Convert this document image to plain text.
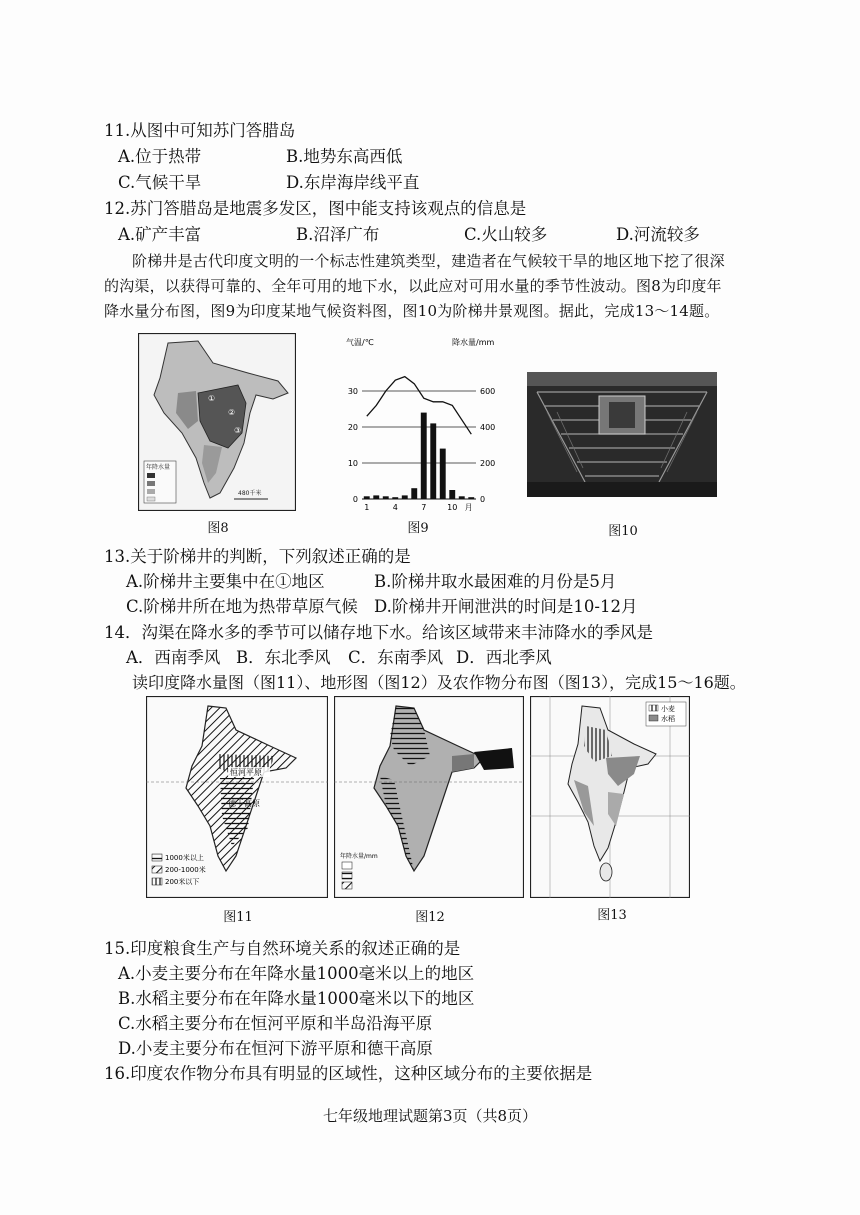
11.从图中可知苏门答腊岛
A.位于热带	B.地势东高西低
C.气候干旱	D.东岸海岸线平直
12.苏门答腊岛是地震多发区，图中能支持该观点的信息是
A.矿产丰富	B.沼泽广布	C.火山较多	D.河流较多
阶梯井是古代印度文明的一个标志性建筑类型，建造者在气候较干旱的地区地下挖了很深
的沟渠，以获得可靠的、全年可用的地下水，以此应对可用水量的季节性波动。图8为印度年
降水量分布图，图9为印度某地气候资料图，图10为阶梯井景观图。据此，完成13～14题。
年降水量
①
②
③
480千米
图8
气温/℃	降水量/mm
0
10
20
30
0
200
400
600
1	4	7	10 月
图9	图10
13.关于阶梯井的判断，下列叙述正确的是
A.阶梯井主要集中在①地区	B.阶梯井取水最困难的月份是5月
C.阶梯井所在地为热带草原气候 D.阶梯井开闸泄洪的时间是10-12月
14．沟渠在降水多的季节可以储存地下水。给该区域带来丰沛降水的季风是
A．西南季风 B．东北季风 C．东南季风 D．西北季风
读印度降水量图（图11）、地形图（图12）及农作物分布图（图13），完成15～16题。
恒河平原
德干高原
1000米以上
200-1000米
200米以下
图11
年降水量/mm
图12
小麦
水稻
图13
15.印度粮食生产与自然环境关系的叙述正确的是
A.小麦主要分布在年降水量1000毫米以上的地区
B.水稻主要分布在年降水量1000毫米以下的地区
C.水稻主要分布在恒河平原和半岛沿海平原
D.小麦主要分布在恒河下游平原和德干高原
16.印度农作物分布具有明显的区域性，这种区域分布的主要依据是
七年级地理试题第3页（共8页）
